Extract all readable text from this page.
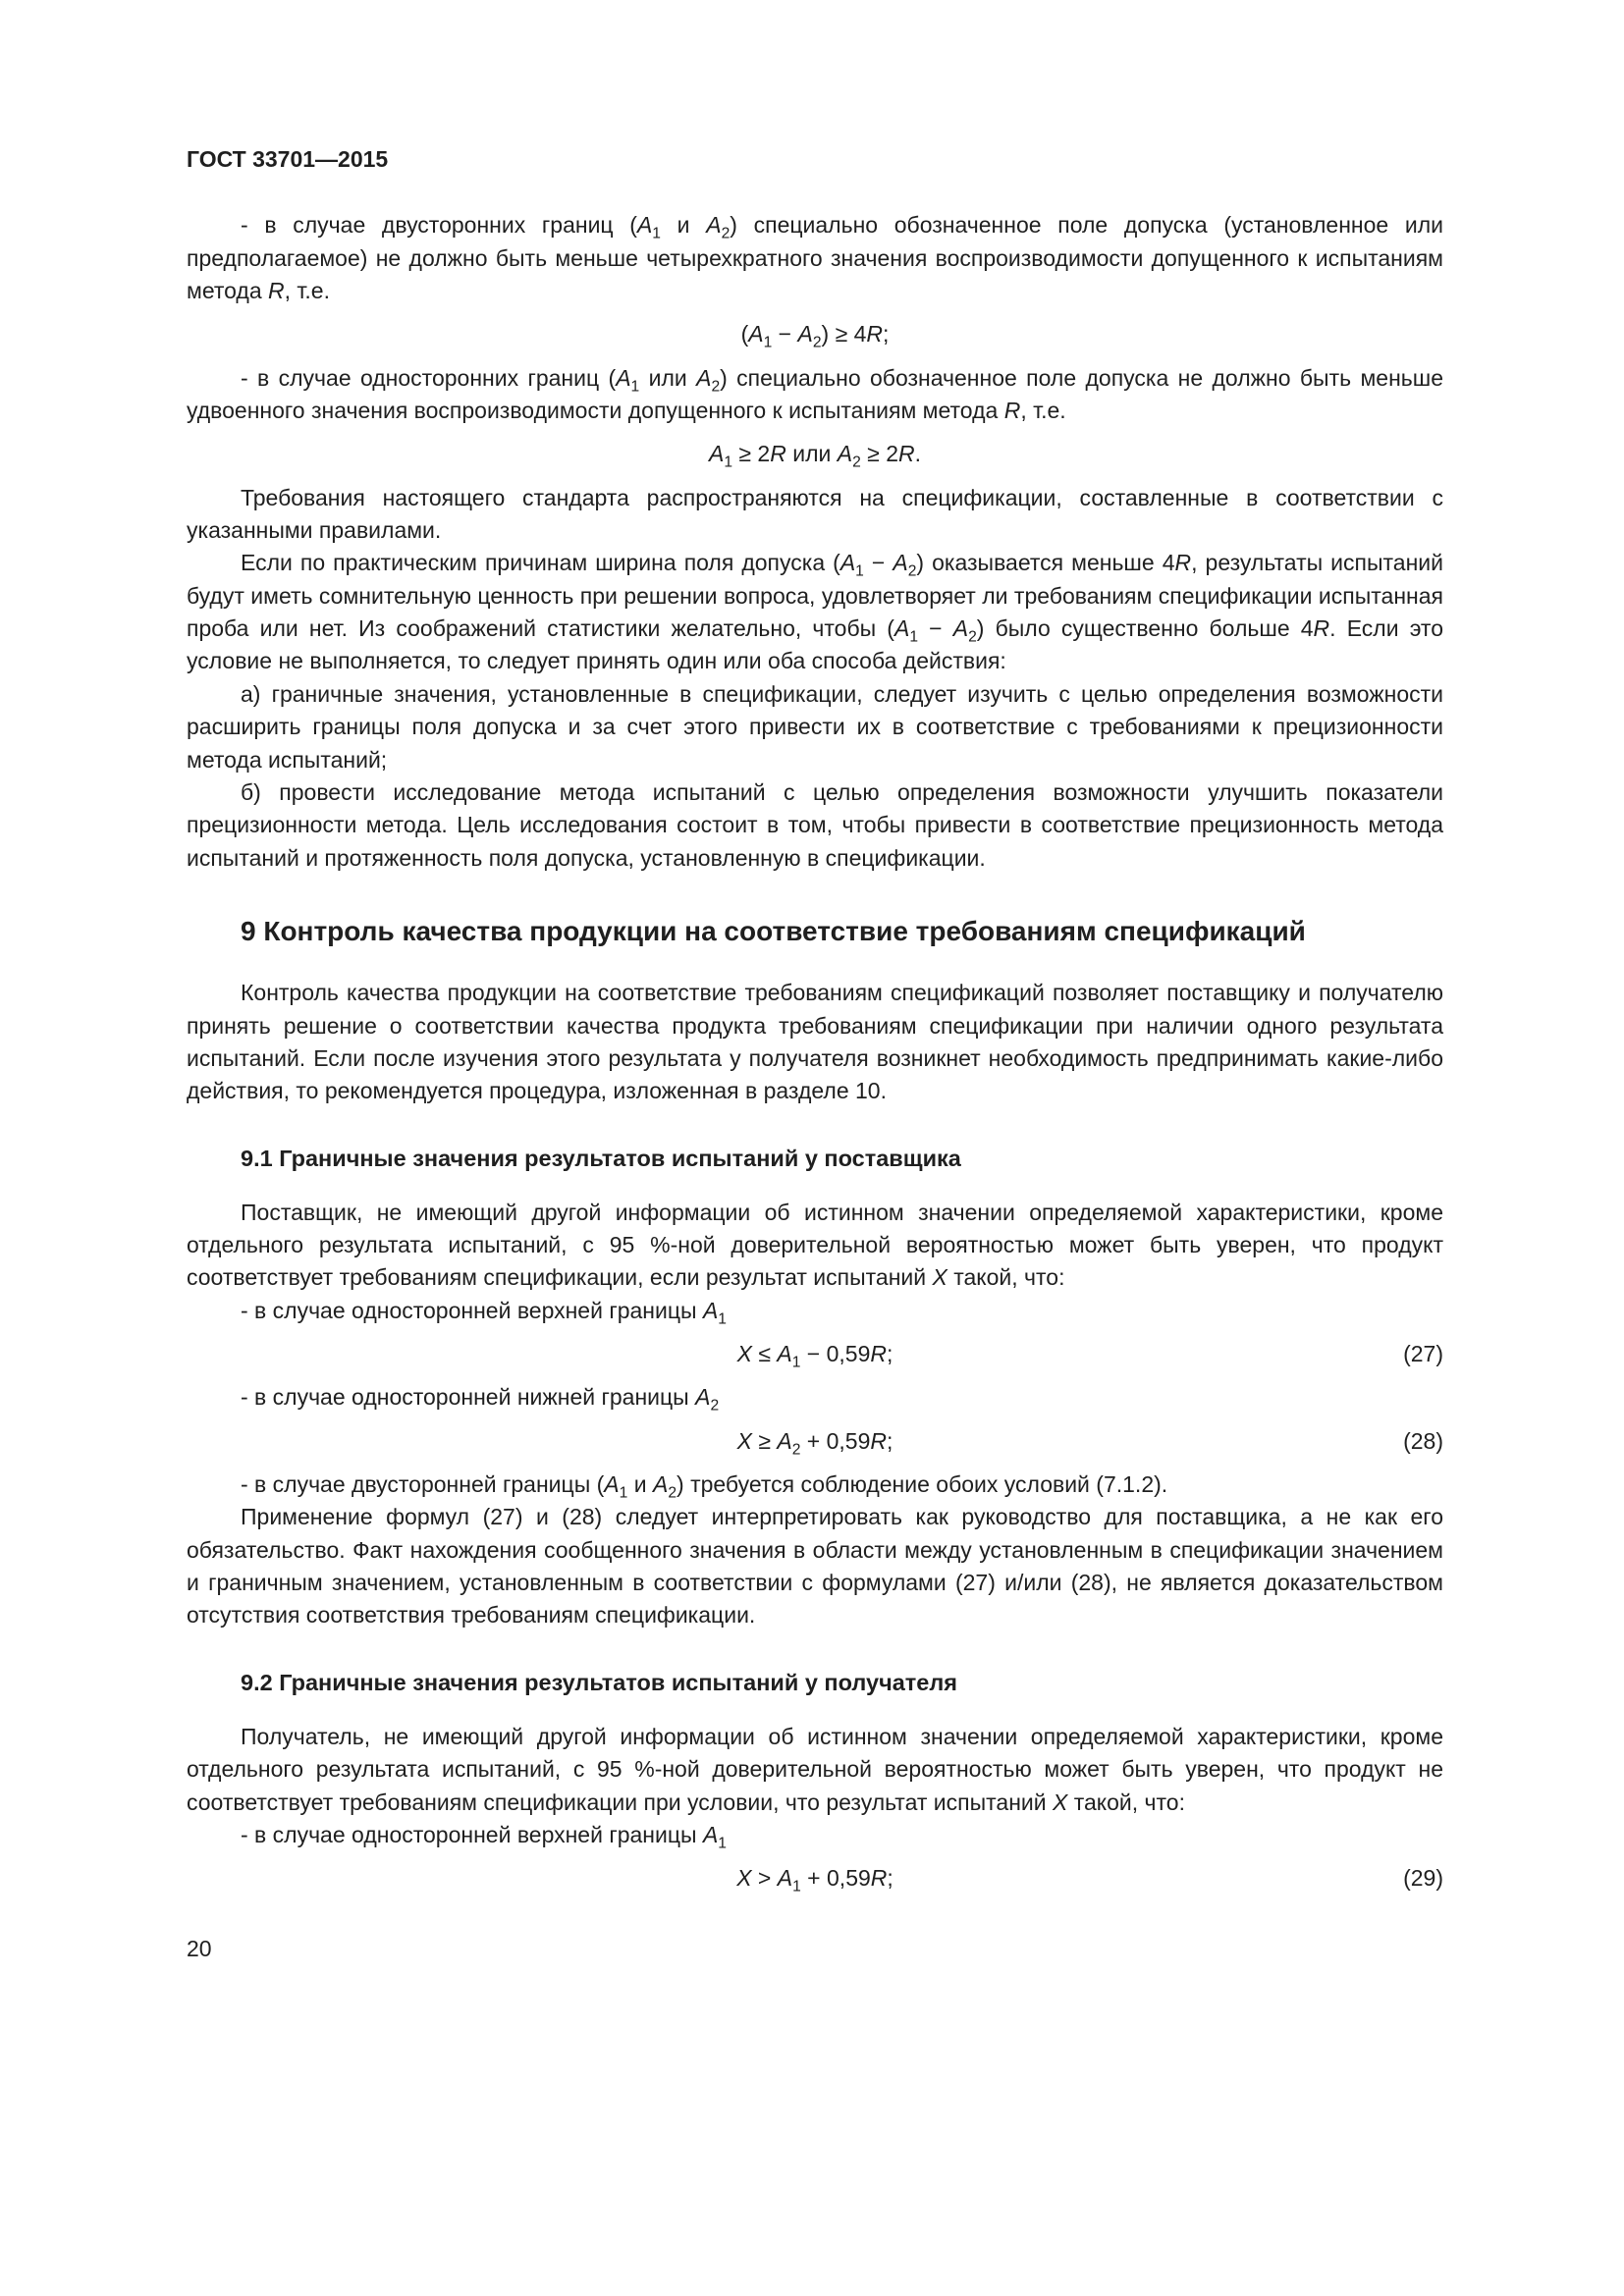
ГОСТ 33701—2015

- в случае двусторонних границ ($A_1$ и $A_2$) специально обозначенное поле допуска (установленное или предполагаемое) не должно быть меньше четырехкратного значения воспроизводимости допущенного к испытаниям метода R, т.е.

$(A_1 - A_2) \ge 4R$;

- в случае односторонних границ ($A_1$ или $A_2$) специально обозначенное поле допуска не должно быть меньше удвоенного значения воспроизводимости допущенного к испытаниям метода R, т.е.

$A_1 \ge 2R$ или $A_2 \ge 2R$.

Требования настоящего стандарта распространяются на спецификации, составленные в соответствии с указанными правилами.

Если по практическим причинам ширина поля допуска $(A_1 - A_2)$ оказывается меньше 4R, результаты испытаний будут иметь сомнительную ценность при решении вопроса, удовлетворяет ли требованиям спецификации испытанная проба или нет. Из соображений статистики желательно, чтобы $(A_1 - A_2)$ было существенно больше 4R. Если это условие не выполняется, то следует принять один или оба способа действия:

а) граничные значения, установленные в спецификации, следует изучить с целью определения возможности расширить границы поля допуска и за счет этого привести их в соответствие с требованиями к прецизионности метода испытаний;

б) провести исследование метода испытаний с целью определения возможности улучшить показатели прецизионности метода. Цель исследования состоит в том, чтобы привести в соответствие прецизионность метода испытаний и протяженность поля допуска, установленную в спецификации.

9 Контроль качества продукции на соответствие требованиям спецификаций

Контроль качества продукции на соответствие требованиям спецификаций позволяет поставщику и получателю принять решение о соответствии качества продукта требованиям спецификации при наличии одного результата испытаний. Если после изучения этого результата у получателя возникнет необходимость предпринимать какие-либо действия, то рекомендуется процедура, изложенная в разделе 10.

9.1 Граничные значения результатов испытаний у поставщика

Поставщик, не имеющий другой информации об истинном значении определяемой характеристики, кроме отдельного результата испытаний, с 95 %-ной доверительной вероятностью может быть уверен, что продукт соответствует требованиям спецификации, если результат испытаний X такой, что:

- в случае односторонней верхней границы $A_1$

$X \le A_1 - 0,59R$;	(27)

- в случае односторонней нижней границы $A_2$

$X \ge A_2 + 0,59R$;	(28)

- в случае двусторонней границы ($A_1$ и $A_2$) требуется соблюдение обоих условий (7.1.2).

Применение формул (27) и (28) следует интерпретировать как руководство для поставщика, а не как его обязательство. Факт нахождения сообщенного значения в области между установленным в спецификации значением и граничным значением, установленным в соответствии с формулами (27) и/или (28), не является доказательством отсутствия соответствия требованиям спецификации.

9.2 Граничные значения результатов испытаний у получателя

Получатель, не имеющий другой информации об истинном значении определяемой характеристики, кроме отдельного результата испытаний, с 95 %-ной доверительной вероятностью может быть уверен, что продукт не соответствует требованиям спецификации при условии, что результат испытаний X такой, что:

- в случае односторонней верхней границы $A_1$

$X > A_1 + 0,59R$;	(29)
20
